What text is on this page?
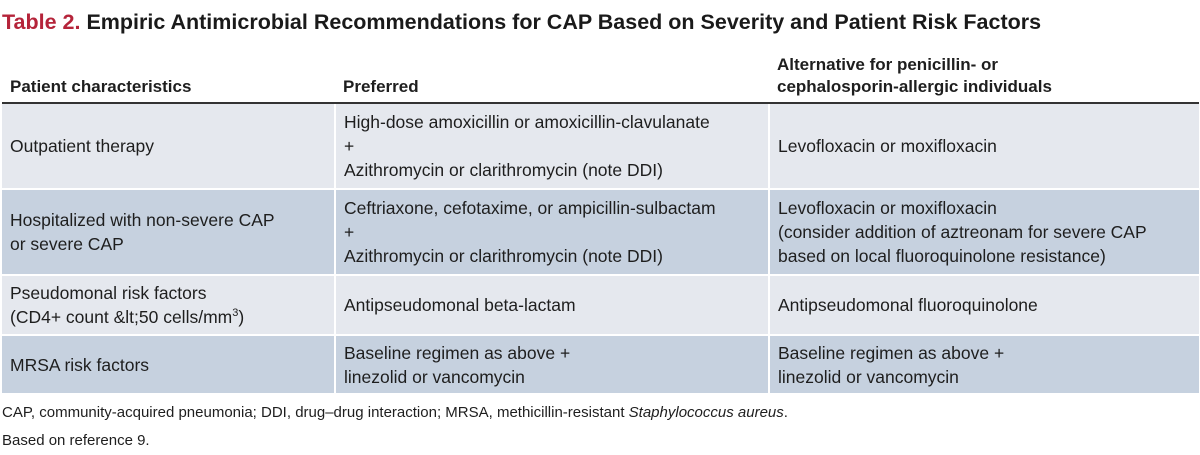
Table 2. Empiric Antimicrobial Recommendations for CAP Based on Severity and Patient Risk Factors
Patient characteristics	Preferred	Alternative for penicillin- or
cephalosporin-allergic individuals

Outpatient therapy	High-dose amoxicillin or amoxicillin-clavulanate
+
Azithromycin or clarithromycin (note DDI)	Levofloxacin or moxifloxacin

Hospitalized with non-severe CAP
or severe CAP	Ceftriaxone, cefotaxime, or ampicillin-sulbactam
+
Azithromycin or clarithromycin (note DDI)	Levofloxacin or moxifloxacin
(consider addition of aztreonam for severe CAP
based on local fluoroquinolone resistance)

Pseudomonal risk factors
(CD4+ count &lt;50 cells/$mm^3$)	Antipseudomonal beta-lactam	Antipseudomonal fluoroquinolone

MRSA risk factors	Baseline regimen as above +
linezolid or vancomycin	Baseline regimen as above +
linezolid or vancomycin
CAP, community-acquired pneumonia; DDI, drug–drug interaction; MRSA, methicillin-resistant Staphylococcus aureus.
Based on reference 9.
